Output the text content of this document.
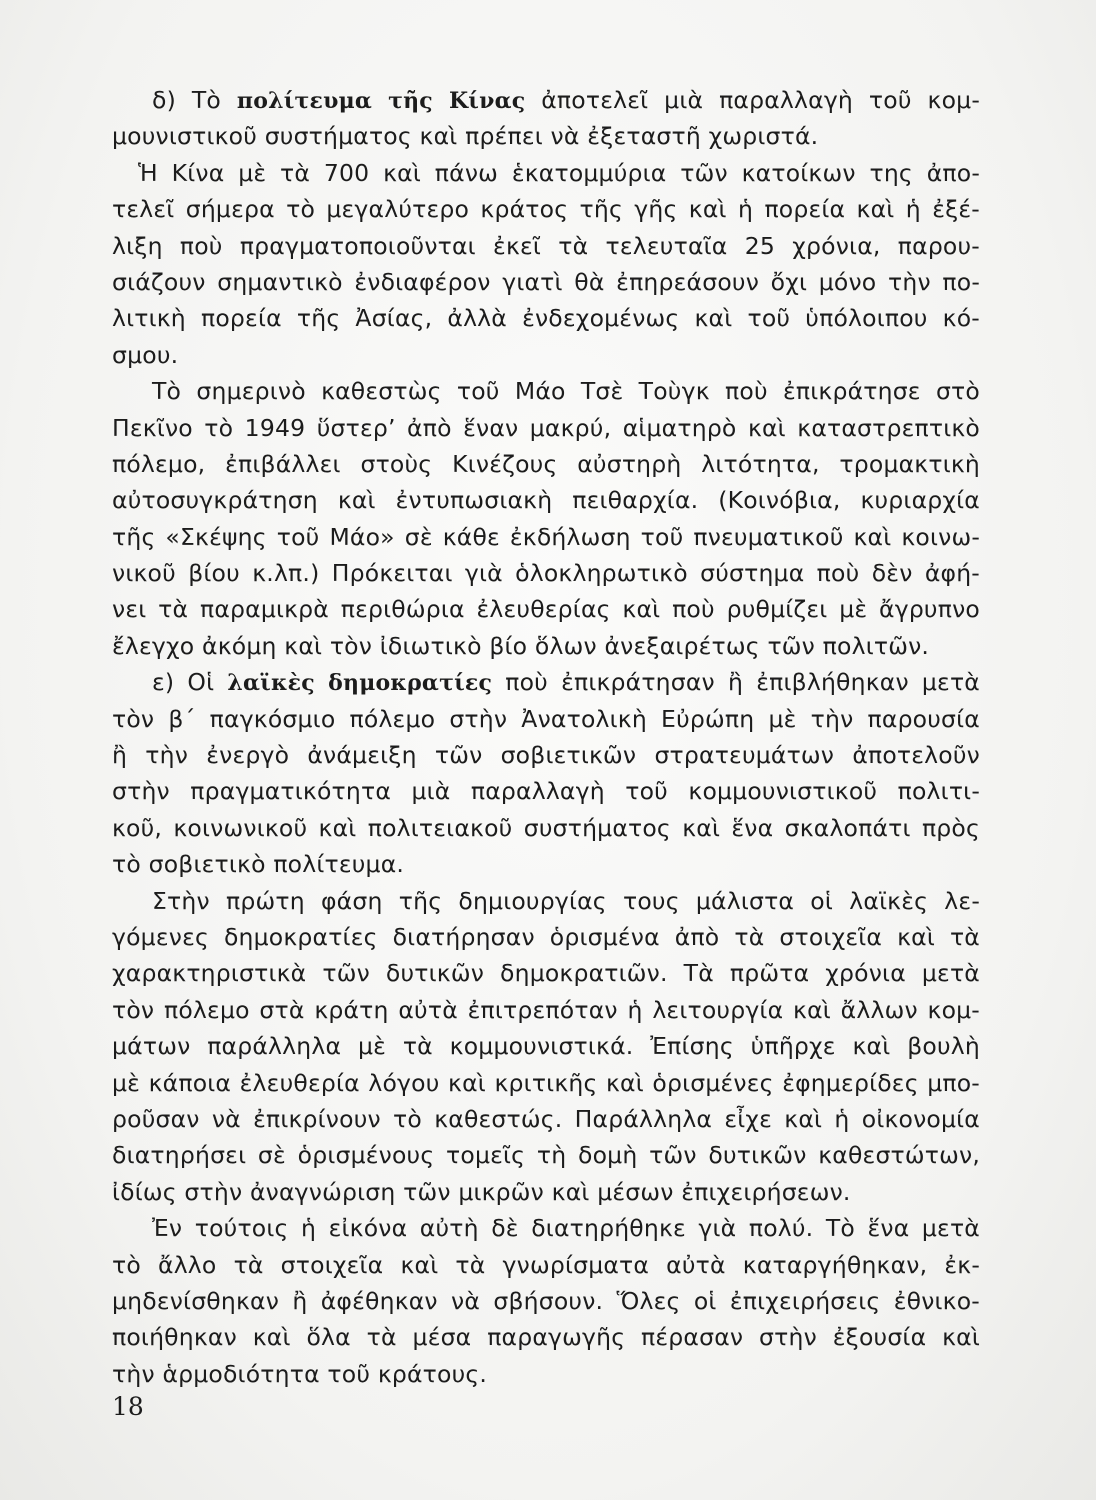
δ) Τὸ πολίτευμα τῆς Κίνας ἀποτελεῖ μιὰ παραλλαγὴ τοῦ κομ-
μουνιστικοῦ συστήματος καὶ πρέπει νὰ ἐξεταστῆ χωριστά.
Ἡ Κίνα μὲ τὰ 700 καὶ πάνω ἑκατομμύρια τῶν κατοίκων της ἀπο-
τελεῖ σήμερα τὸ μεγαλύτερο κράτος τῆς γῆς καὶ ἡ πορεία καὶ ἡ ἐξέ-
λιξη ποὺ πραγματοποιοῦνται ἐκεῖ τὰ τελευταῖα 25 χρόνια, παρου-
σιάζουν σημαντικὸ ἐνδιαφέρον γιατὶ θὰ ἐπηρεάσουν ὄχι μόνο τὴν πο-
λιτικὴ πορεία τῆς Ἀσίας, ἀλλὰ ἐνδεχομένως καὶ τοῦ ὑπόλοιπου κό-
σμου.
Τὸ σημερινὸ καθεστὼς τοῦ Μάο Τσὲ Τοὺγκ ποὺ ἐπικράτησε στὸ
Πεκῖνο τὸ 1949 ὕστερ’ ἀπὸ ἕναν μακρύ, αἱματηρὸ καὶ καταστρεπτικὸ
πόλεμο, ἐπιβάλλει στοὺς Κινέζους αὐστηρὴ λιτότητα, τρομακτικὴ
αὐτοσυγκράτηση καὶ ἐντυπωσιακὴ πειθαρχία. (Κοινόβια, κυριαρχία
τῆς «Σκέψης τοῦ Μάο» σὲ κάθε ἐκδήλωση τοῦ πνευματικοῦ καὶ κοινω-
νικοῦ βίου κ.λπ.) Πρόκειται γιὰ ὁλοκληρωτικὸ σύστημα ποὺ δὲν ἀφή-
νει τὰ παραμικρὰ περιθώρια ἐλευθερίας καὶ ποὺ ρυθμίζει μὲ ἄγρυπνο
ἔλεγχο ἀκόμη καὶ τὸν ἰδιωτικὸ βίο ὅλων ἀνεξαιρέτως τῶν πολιτῶν.
ε) Οἱ λαϊκὲς δημοκρατίες ποὺ ἐπικράτησαν ἢ ἐπιβλήθηκαν μετὰ
τὸν β΄ παγκόσμιο πόλεμο στὴν Ἀνατολικὴ Εὐρώπη μὲ τὴν παρουσία
ἢ τὴν ἐνεργὸ ἀνάμειξη τῶν σοβιετικῶν στρατευμάτων ἀποτελοῦν
στὴν πραγματικότητα μιὰ παραλλαγὴ τοῦ κομμουνιστικοῦ πολιτι-
κοῦ, κοινωνικοῦ καὶ πολιτειακοῦ συστήματος καὶ ἕνα σκαλοπάτι πρὸς
τὸ σοβιετικὸ πολίτευμα.
Στὴν πρώτη φάση τῆς δημιουργίας τους μάλιστα οἱ λαϊκὲς λε-
γόμενες δημοκρατίες διατήρησαν ὁρισμένα ἀπὸ τὰ στοιχεῖα καὶ τὰ
χαρακτηριστικὰ τῶν δυτικῶν δημοκρατιῶν. Τὰ πρῶτα χρόνια μετὰ
τὸν πόλεμο στὰ κράτη αὐτὰ ἐπιτρεπόταν ἡ λειτουργία καὶ ἄλλων κομ-
μάτων παράλληλα μὲ τὰ κομμουνιστικά. Ἐπίσης ὑπῆρχε καὶ βουλὴ
μὲ κάποια ἐλευθερία λόγου καὶ κριτικῆς καὶ ὁρισμένες ἐφημερίδες μπο-
ροῦσαν νὰ ἐπικρίνουν τὸ καθεστώς. Παράλληλα εἶχε καὶ ἡ οἰκονομία
διατηρήσει σὲ ὁρισμένους τομεῖς τὴ δομὴ τῶν δυτικῶν καθεστώτων,
ἰδίως στὴν ἀναγνώριση τῶν μικρῶν καὶ μέσων ἐπιχειρήσεων.
Ἐν τούτοις ἡ εἰκόνα αὐτὴ δὲ διατηρήθηκε γιὰ πολύ. Τὸ ἕνα μετὰ
τὸ ἄλλο τὰ στοιχεῖα καὶ τὰ γνωρίσματα αὐτὰ καταργήθηκαν, ἐκ-
μηδενίσθηκαν ἢ ἀφέθηκαν νὰ σβήσουν. Ὅλες οἱ ἐπιχειρήσεις ἐθνικο-
ποιήθηκαν καὶ ὅλα τὰ μέσα παραγωγῆς πέρασαν στὴν ἐξουσία καὶ
τὴν ἁρμοδιότητα τοῦ κράτους.
18
